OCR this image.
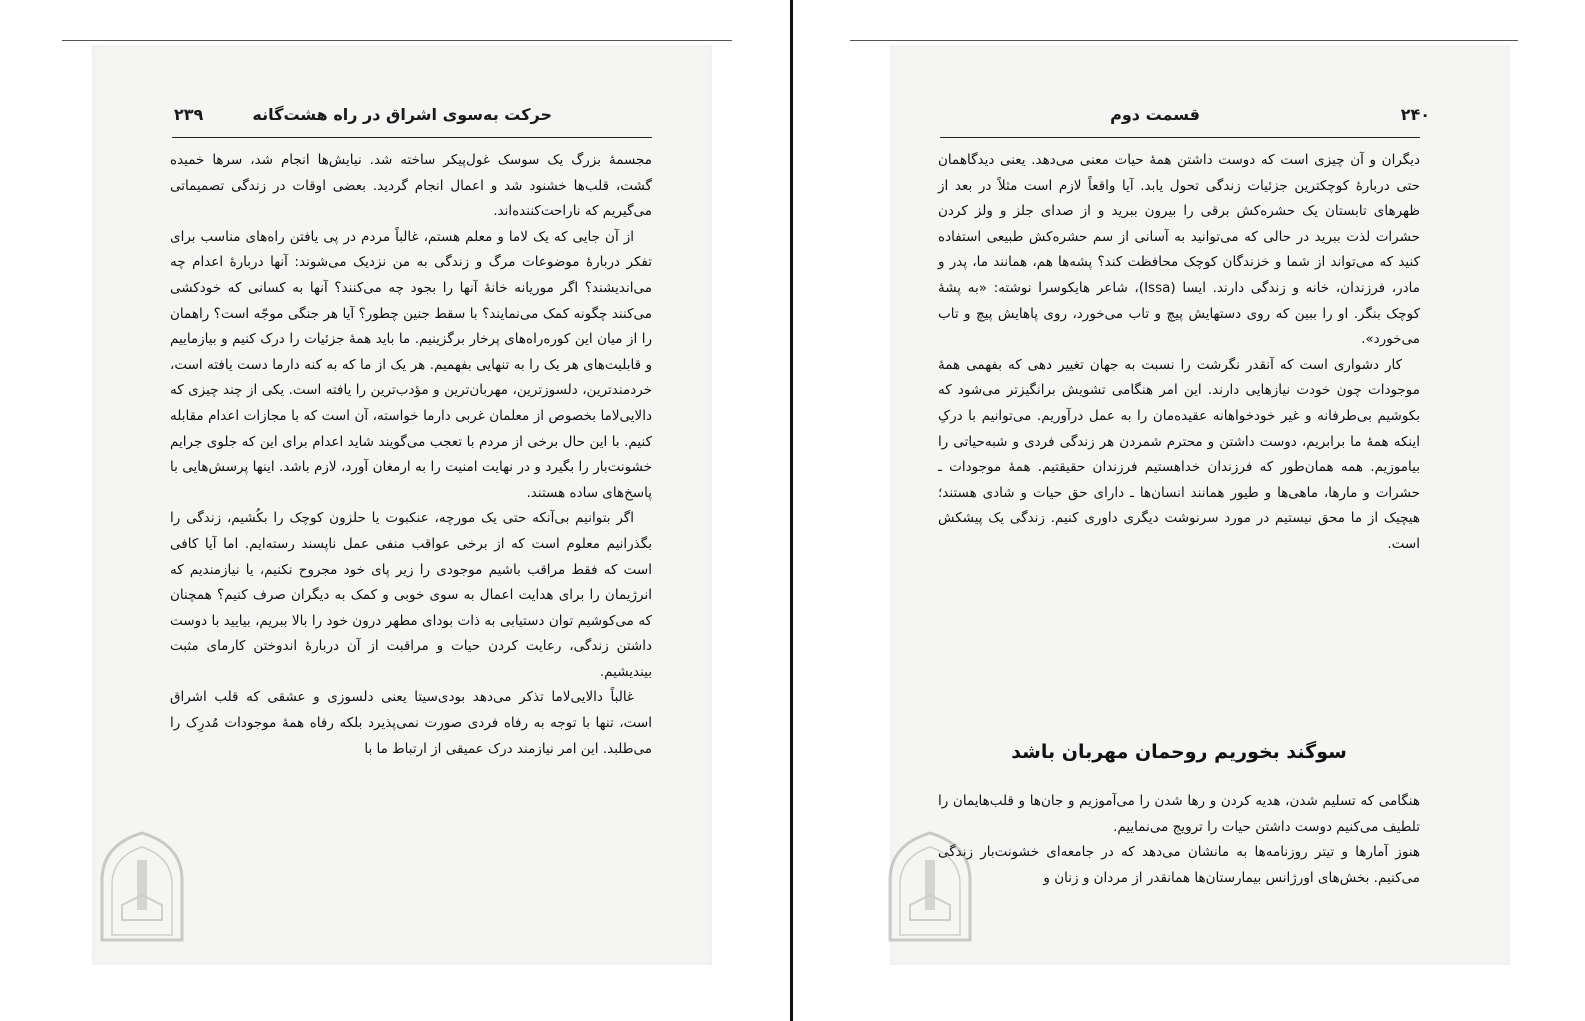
حرکت به‌سوی اشراق در راه هشت‌گانه
۲۳۹

مجسمهٔ بزرگ یک سوسک غول‌پیکر ساخته شد. نیایش‌ها انجام شد، سرها خمیده گشت، قلب‌ها خشنود شد و اعمال انجام گردید. بعضی اوقات در زندگی تصمیماتی می‌گیریم که ناراحت‌کننده‌اند.

از آن جایی که یک لاما و معلم هستم، غالباً مردم در پی یافتن راه‌های مناسب برای تفکر دربارهٔ موضوعات مرگ و زندگی به من نزدیک می‌شوند: آنها دربارهٔ اعدام چه می‌اندیشند؟ اگر موریانه خانهٔ آنها را بجود چه می‌کنند؟ آنها به کسانی که خودکشی می‌کنند چگونه کمک می‌نمایند؟ با سقط جنین چطور؟ آیا هر جنگی موجّه است؟ راهمان را از میان این کوره‌راه‌های پرخار برگزینیم. ما باید همهٔ جزئیات را درک کنیم و بیازماییم و قابلیت‌های هر یک را به تنهایی بفهمیم. هر یک از ما که به کنه دارما دست یافته است، خردمندترین، دلسوزترین، مهربان‌ترین و مؤدب‌ترین را یافته است. یکی از چند چیزی که دالایی‌لاما بخصوص از معلمان غربی دارما خواسته، آن است که با مجازات اعدام مقابله کنیم. با این حال برخی از مردم با تعجب می‌گویند شاید اعدام برای این که جلوی جرایم خشونت‌بار را بگیرد و در نهایت امنیت را به ارمغان آورد، لازم باشد. اینها پرسش‌هایی با پاسخ‌های ساده هستند.

اگر بتوانیم بی‌آنکه حتی یک مورچه، عنکبوت یا حلزون کوچک را بکُشیم، زندگی را بگذرانیم معلوم است که از برخی عواقب منفی عمل ناپسند رسته‌ایم. اما آیا کافی است که فقط مراقب باشیم موجودی را زیر پای خود مجروح نکنیم، یا نیازمندیم که انرژیمان را برای هدایت اعمال به سوی خوبی و کمک به دیگران صرف کنیم؟ همچنان که می‌کوشیم توان دستیابی به ذات بودای مطهر درون خود را بالا ببریم، بیایید با دوست داشتن زندگی، رعایت کردن حیات و مراقبت از آن دربارهٔ اندوختن کارمای مثبت بیندیشیم.

غالباً دالایی‌لاما تذکر می‌دهد بودی‌سیتا یعنی دلسوزی و عشقی که قلب اشراق است، تنها با توجه به رفاه فردی صورت نمی‌پذیرد بلکه رفاه همهٔ موجودات مُدرِک را می‌طلبد. این امر نیازمند درک عمیقی از ارتباط ما با

قسمت دوم	۲۴۰

دیگران و آن چیزی است که دوست داشتن همهٔ حیات معنی می‌دهد. یعنی دیدگاهمان حتی دربارهٔ کوچکترین جزئیات زندگی تحول یابد. آیا واقعاً لازم است مثلاً در بعد از ظهرهای تابستان یک حشره‌کش برقی را بیرون ببرید و از صدای جلز و ولز کردن حشرات لذت ببرید در حالی که می‌توانید به آسانی از سم حشره‌کش طبیعی استفاده کنید که می‌تواند از شما و خزندگان کوچک محافظت کند؟ پشه‌ها هم، همانند ما، پدر و مادر، فرزندان، خانه و زندگی دارند. ایسا (Issa)، شاعر هایکوسرا نوشته: «به پشهٔ کوچک بنگر. او را ببین که روی دستهایش پیچ و تاب می‌خورد، روی پاهایش پیچ و تاب می‌خورد».

کار دشواری است که آنقدر نگرشت را نسبت به جهان تغییر دهی که بفهمی همهٔ موجودات چون خودت نیازهایی دارند. این امر هنگامی تشویش برانگیزتر می‌شود که بکوشیم بی‌طرفانه و غیر خودخواهانه عقیده‌مان را به عمل درآوریم. می‌توانیم با درکِ اینکه همهٔ ما برابریم، دوست داشتن و محترم شمردن هر زندگی فردی و شبه‌حیاتی را بیاموزیم. همه همان‌طور که فرزندان خداهستیم فرزندان حقیقتیم. همهٔ موجودات ـ حشرات و مارها، ماهی‌ها و طیور همانند انسان‌ها ـ دارای حق حیات و شادی هستند؛ هیچیک از ما محق نیستیم در مورد سرنوشت دیگری داوری کنیم. زندگی یک پیشکش است.

سوگند بخوریم روحمان مهربان باشد

هنگامی که تسلیم شدن، هدیه کردن و رها شدن را می‌آموزیم و جان‌ها و قلب‌هایمان را تلطیف می‌کنیم دوست داشتن حیات را ترویج می‌نماییم.

هنوز آمارها و تیتر روزنامه‌ها به مانشان می‌دهد که در جامعه‌ای خشونت‌بار زندگی می‌کنیم. بخش‌های اورژانس بیمارستان‌ها همانقدر از مردان و زنان و
